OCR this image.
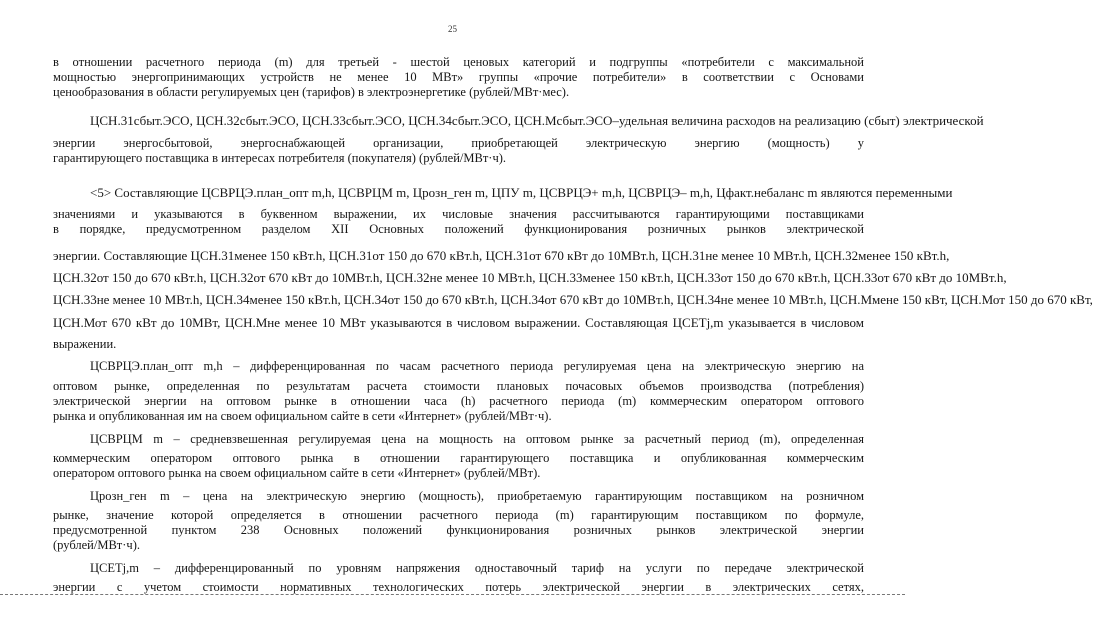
25
в отношении расчетного периода (m) для третьей - шестой ценовых категорий и подгруппы «потребители с максимальной
мощностью энергопринимающих устройств не менее 10 МВт» группы «прочие потребители» в соответствии с Основами
ценообразования в области регулируемых цен (тарифов) в электроэнергетике (рублей/МВт·мес).
ЦСН.31сбыт.ЭСО, ЦСН.32сбыт.ЭСО, ЦСН.33сбыт.ЭСО, ЦСН.34сбыт.ЭСО, ЦСН.Мсбыт.ЭСО–удельная величина расходов на реализацию (сбыт) электрической
энергии энергосбытовой, энергоснабжающей организации, приобретающей электрическую энергию (мощность) у
гарантирующего поставщика в интересах потребителя (покупателя) (рублей/МВт·ч).
<5> Составляющие ЦСВРЦЭ.план_опт m,h, ЦСВРЦМ m, Црозн_ген m, ЦПУ m, ЦСВРЦЭ+ m,h, ЦСВРЦЭ– m,h, Цфакт.небаланс m являются переменными
значениями и указываются в буквенном выражении, их числовые значения рассчитываются гарантирующими поставщиками
в порядке, предусмотренном разделом XII Основных положений функционирования розничных рынков электрической
энергии. Составляющие ЦСН.31менее 150 кВт.h, ЦСН.31от 150 до 670 кВт.h, ЦСН.31от 670 кВт до 10МВт.h, ЦСН.31не менее 10 МВт.h, ЦСН.32менее 150 кВт.h,
ЦСН.32от 150 до 670 кВт.h, ЦСН.32от 670 кВт до 10МВт.h, ЦСН.32не менее 10 МВт.h, ЦСН.33менее 150 кВт.h, ЦСН.33от 150 до 670 кВт.h, ЦСН.33от 670 кВт до 10МВт.h,
ЦСН.33не менее 10 МВт.h, ЦСН.34менее 150 кВт.h, ЦСН.34от 150 до 670 кВт.h, ЦСН.34от 670 кВт до 10МВт.h, ЦСН.34не менее 10 МВт.h, ЦСН.Ммене 150 кВт, ЦСН.Мот 150 до 670 кВт,
ЦСН.Мот 670 кВт до 10МВт, ЦСН.Мне менее 10 МВт указываются в числовом выражении. Составляющая ЦСЕТj,m указывается в числовом
выражении.
ЦСВРЦЭ.план_опт m,h – дифференцированная по часам расчетного периода регулируемая цена на электрическую энергию на
оптовом рынке, определенная по результатам расчета стоимости плановых почасовых объемов производства (потребления)
электрической энергии на оптовом рынке в отношении часа (h) расчетного периода (m) коммерческим оператором оптового
рынка и опубликованная им на своем официальном сайте в сети «Интернет» (рублей/МВт·ч).
ЦСВРЦМ m – средневзвешенная регулируемая цена на мощность на оптовом рынке за расчетный период (m), определенная
коммерческим оператором оптового рынка в отношении гарантирующего поставщика и опубликованная коммерческим
оператором оптового рынка на своем официальном сайте в сети «Интернет» (рублей/МВт).
Црозн_ген m – цена на электрическую энергию (мощность), приобретаемую гарантирующим поставщиком на розничном
рынке, значение которой определяется в отношении расчетного периода (m) гарантирующим поставщиком по формуле,
предусмотренной пунктом 238 Основных положений функционирования розничных рынков электрической энергии
(рублей/МВт·ч).
ЦСЕТj,m – дифференцированный по уровням напряжения одноставочный тариф на услуги по передаче электрической
энергии с учетом стоимости нормативных технологических потерь электрической энергии в электрических сетях,
